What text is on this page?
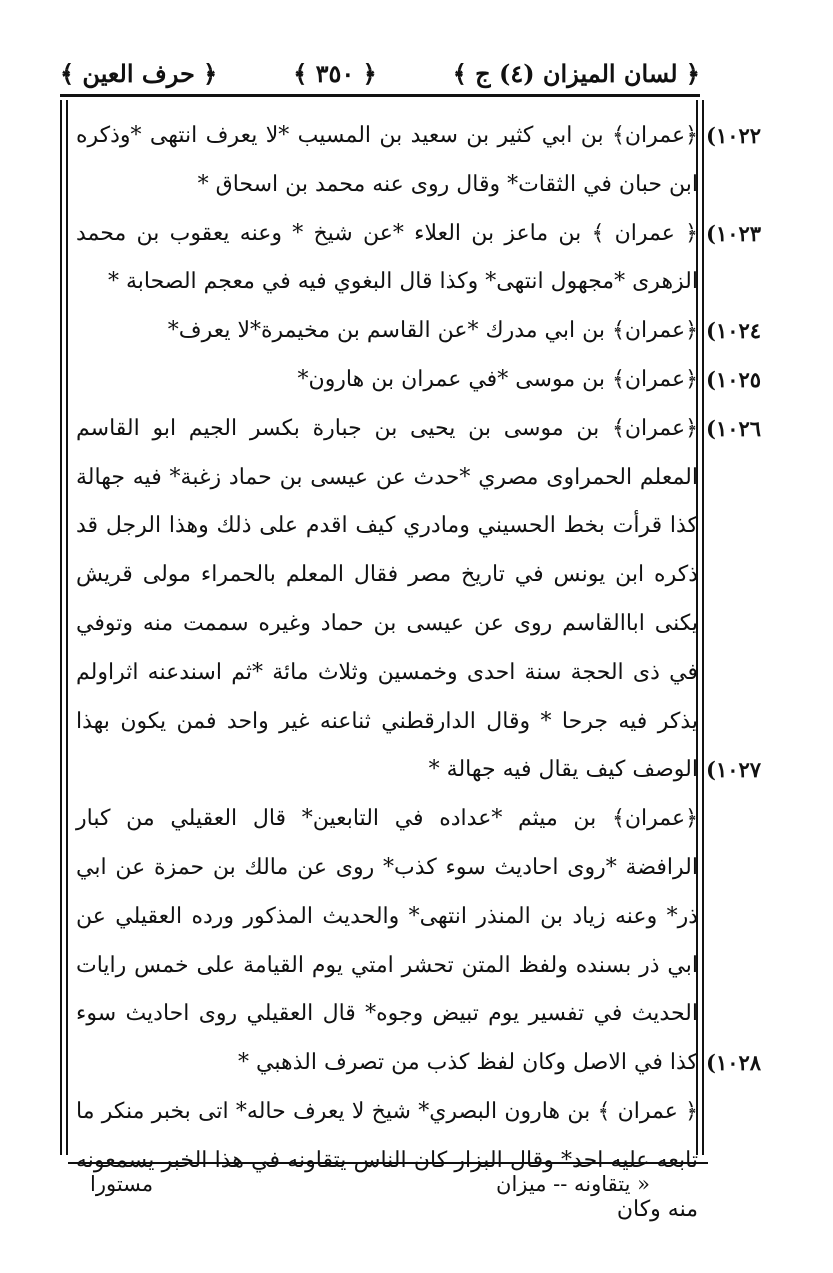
﴿ لسان الميزان (٤) ج ﴾
﴿ ٣٥٠ ﴾
﴿ حرف العين ﴾

﴿عمران﴾ بن ابي كثير بن سعيد بن المسيب *لا يعرف انتهى *وذكره ابن حبان في الثقات* وقال روى عنه محمد بن اسحاق *

﴿ عمران ﴾ بن ماعز بن العلاء *عن شيخ * وعنه يعقوب بن محمد الزهرى *مجهول انتهى* وكذا قال البغوي فيه في معجم الصحابة *

﴿عمران﴾ بن ابي مدرك *عن القاسم بن مخيمرة*لا يعرف*

﴿عمران﴾ بن موسى *في عمران بن هارون*

﴿عمران﴾ بن موسى بن يحيى بن جبارة بكسر الجيم ابو القاسم المعلم الحمراوى مصري *حدث عن عيسى بن حماد زغبة* فيه جهالة كذا قرأت بخط الحسيني ومادري كيف اقدم على ذلك وهذا الرجل قد ذكره ابن يونس في تاريخ مصر فقال المعلم بالحمراء مولى قريش يكنى اباالقاسم روى عن عيسى بن حماد وغيره سممت منه وتوفي في ذى الحجة سنة احدى وخمسين وثلاث مائة *ثم اسندعنه اثراولم يذكر فيه جرحا * وقال الدارقطني ثناعنه غير واحد فمن يكون بهذا الوصف كيف يقال فيه جهالة *

﴿عمران﴾ بن ميثم *عداده في التابعين* قال العقيلي من كبار الرافضة *روى احاديث سوء كذب* روى عن مالك بن حمزة عن ابي ذر* وعنه زياد بن المنذر انتهى* والحديث المذكور ورده العقيلي عن ابي ذر بسنده ولفظ المتن تحشر امتي يوم القيامة على خمس رايات الحديث في تفسير يوم تبيض وجوه* قال العقيلي روى احاديث سوء كذا في الاصل وكان لفظ كذب من تصرف الذهبي *

﴿ عمران ﴾ بن هارون البصري* شيخ لا يعرف حاله* اتى بخبر منكر ما تابعه عليه احد* وقال البزار كان الناس يتقاونه في هذا الخبر يسمعونه منه وكان

(١٠٢٢
(١٠٢٣
(١٠٢٤
(١٠٢٥
(١٠٢٦
(١٠٢٧
(١٠٢٨
« يتقاونه -- ميزان
مستورا
